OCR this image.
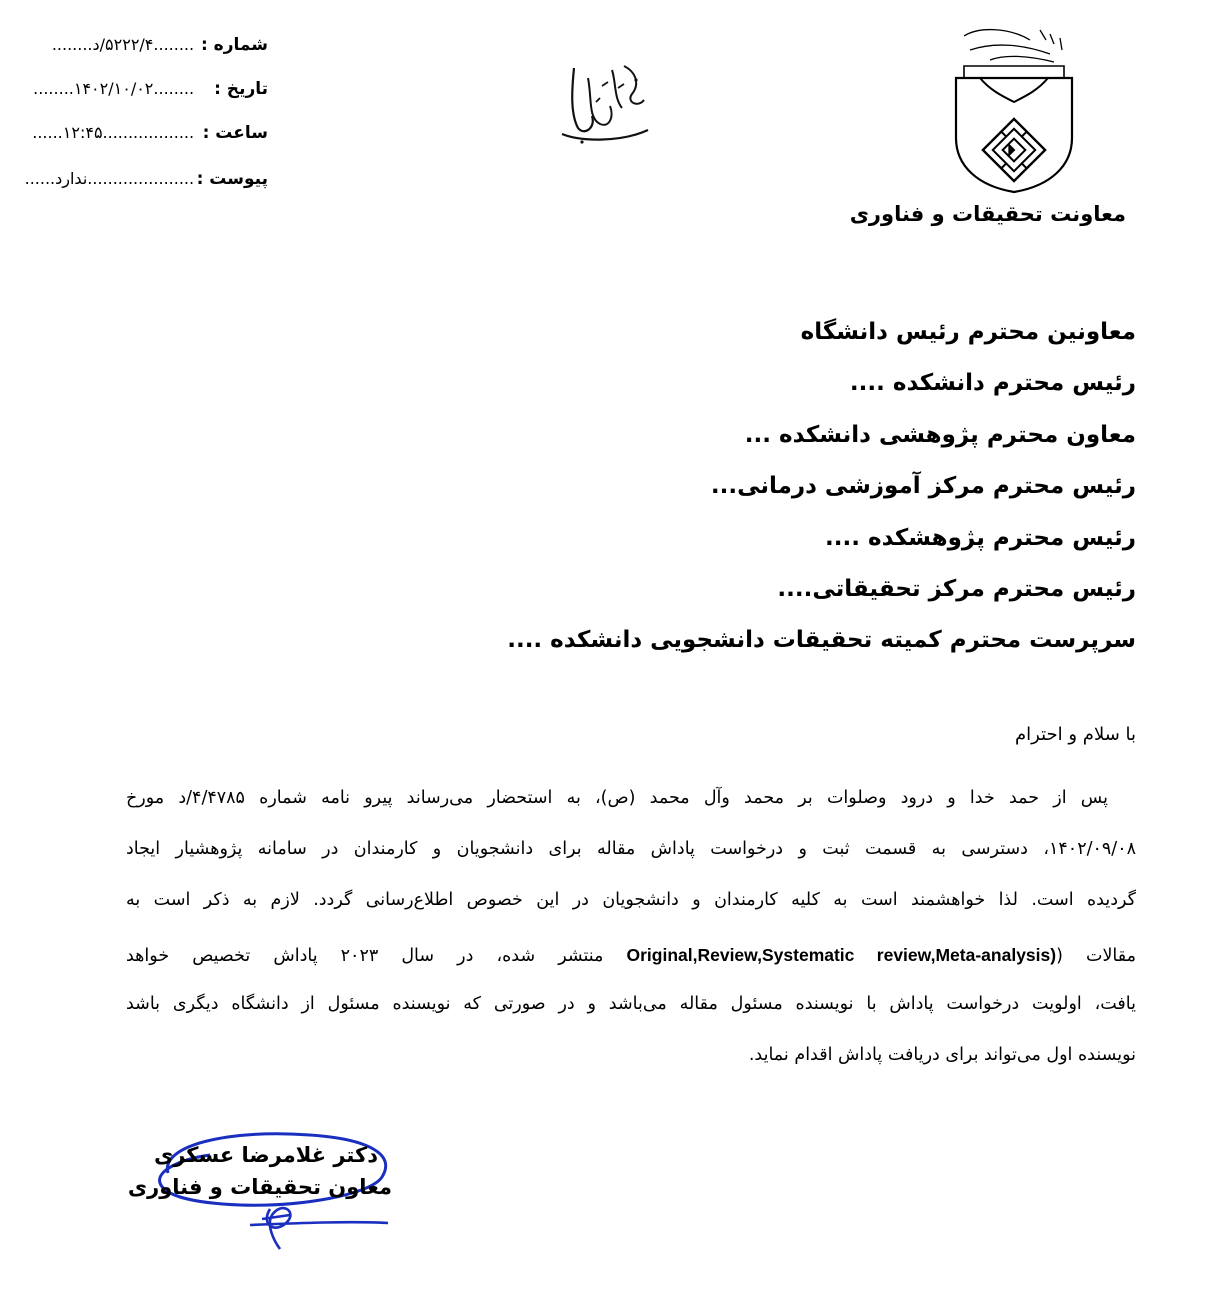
شماره : ........۵۲۲۲/۴/د........
تاریخ : ........۱۴۰۲/۱۰/۰۲........
ساعت : ..................۱۲:۴۵......
پیوست : .....................ندارد......
معاونت تحقیقات و فناوری
معاونین محترم رئیس دانشگاه
رئیس محترم دانشکده ....
معاون محترم پژوهشی دانشکده ...
رئیس محترم مرکز آموزشی درمانی...
رئیس محترم پژوهشکده ....
رئیس محترم مرکز تحقیقاتی....
سرپرست محترم کمیته تحقیقات دانشجویی دانشکده ....
با سلام و احترام
پس از حمد خدا و درود وصلوات بر محمد وآل محمد (ص)، به استحضار می‌رساند پیرو نامه شماره ۴/۴۷۸۵/د مورخ
۱۴۰۲/۰۹/۰۸، دسترسی به قسمت ثبت و درخواست پاداش مقاله برای دانشجویان و کارمندان در سامانه پژوهشیار ایجاد
گردیده است. لذا خواهشمند است به کلیه کارمندان و دانشجویان در این خصوص اطلاع‌رسانی گردد. لازم به ذکر است به
مقالات (Original,Review,Systematic review,Meta-analysis) منتشر شده، در سال ۲۰۲۳ پاداش تخصیص خواهد
یافت، اولویت درخواست پاداش با نویسنده مسئول مقاله می‌باشد و در صورتی که نویسنده مسئول از دانشگاه دیگری باشد
نویسنده اول می‌تواند برای دریافت پاداش اقدام نماید.
دکتر غلامرضا عسکری
معاون تحقیقات و فناوری
